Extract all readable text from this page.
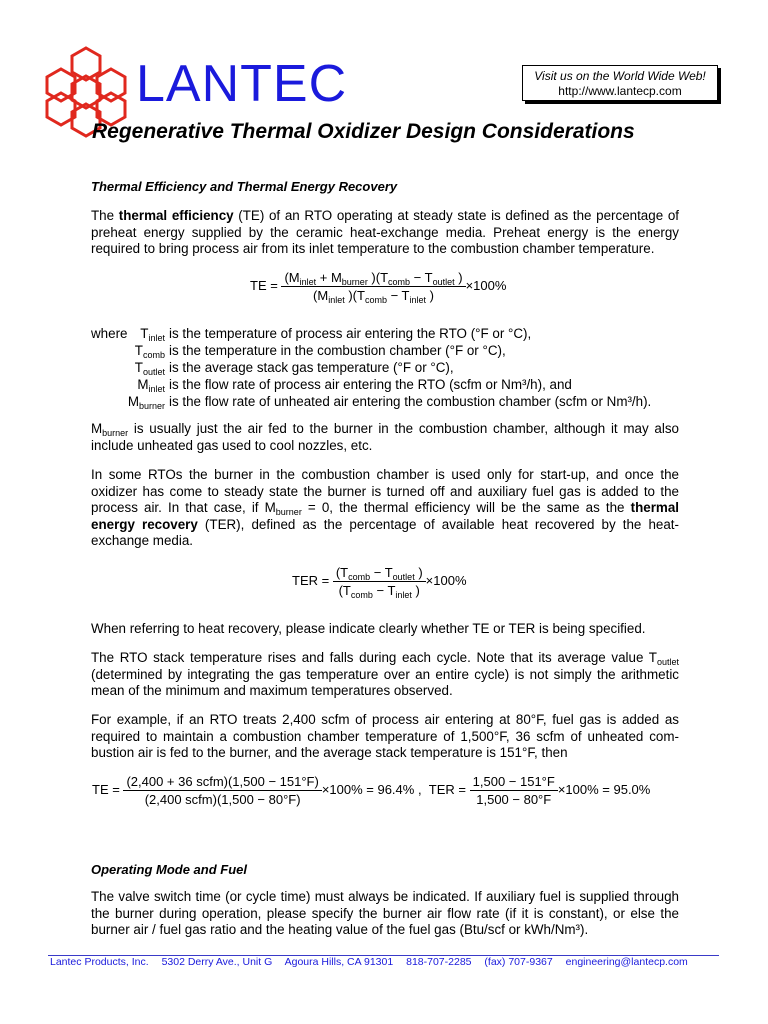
LANTEC	Visit us on the World Wide Web!
http://www.lantecp.com
Regenerative Thermal Oxidizer Design Considerations
Thermal Efficiency and Thermal Energy Recovery
The thermal efficiency (TE) of an RTO operating at steady state is defined as the percentage of preheat energy supplied by the ceramic heat-exchange media. Preheat energy is the energy required to bring process air from its inlet temperature to the combustion chamber temperature.
TE = $\frac{(M_{inlet} + M_{burner} )(T_{comb} - T_{outlet} )}{(M_{inlet} )(T_{comb} - T_{inlet} )} \times 100\%$
where $T_{inlet}$ is the temperature of process air entering the RTO (°F or °C),
$T_{comb}$ is the temperature in the combustion chamber (°F or °C),
$T_{outlet}$ is the average stack gas temperature (°F or °C),
$M_{inlet}$ is the flow rate of process air entering the RTO (scfm or Nm³/h), and
$M_{burner}$ is the flow rate of unheated air entering the combustion chamber (scfm or Nm³/h).
$M_{burner}$ is usually just the air fed to the burner in the combustion chamber, although it may also include unheated gas used to cool nozzles, etc.
In some RTOs the burner in the combustion chamber is used only for start-up, and once the oxidizer has come to steady state the burner is turned off and auxiliary fuel gas is added to the process air. In that case, if $M_{burner} = 0$, the thermal efficiency will be the same as the thermal energy recovery (TER), defined as the percentage of available heat recovered by the heat-exchange media.
TER = $\frac{(T_{comb} - T_{outlet} )}{(T_{comb} - T_{inlet} )} \times 100\%$
When referring to heat recovery, please indicate clearly whether TE or TER is being specified.
The RTO stack temperature rises and falls during each cycle. Note that its average value $T_{outlet}$ (determined by integrating the gas temperature over an entire cycle) is not simply the arithmetic mean of the minimum and maximum temperatures observed.
For example, if an RTO treats 2,400 scfm of process air entering at 80°F, fuel gas is added as required to maintain a combustion chamber temperature of 1,500°F, 36 scfm of unheated com-bustion air is fed to the burner, and the average stack temperature is 151°F, then
TE = $\frac{\text{(2,400 + 36 scfm)(1,500 − 151°F)}}{\text{(2,400 scfm)(1,500 − 80°F)}} \times 100\% = 96.4\%$ , TER = $\frac{1,500 - 151^\circ F}{1,500 - 80^\circ F} \times 100\% = 95.0\%$
Operating Mode and Fuel
The valve switch time (or cycle time) must always be indicated. If auxiliary fuel is supplied through the burner during operation, please specify the burner air flow rate (if it is constant), or else the burner air / fuel gas ratio and the heating value of the fuel gas (Btu/scf or kWh/Nm³).
Lantec Products, Inc. 5302 Derry Ave., Unit G Agoura Hills, CA 91301 818-707-2285 (fax) 707-9367 engineering@lantecp.com
